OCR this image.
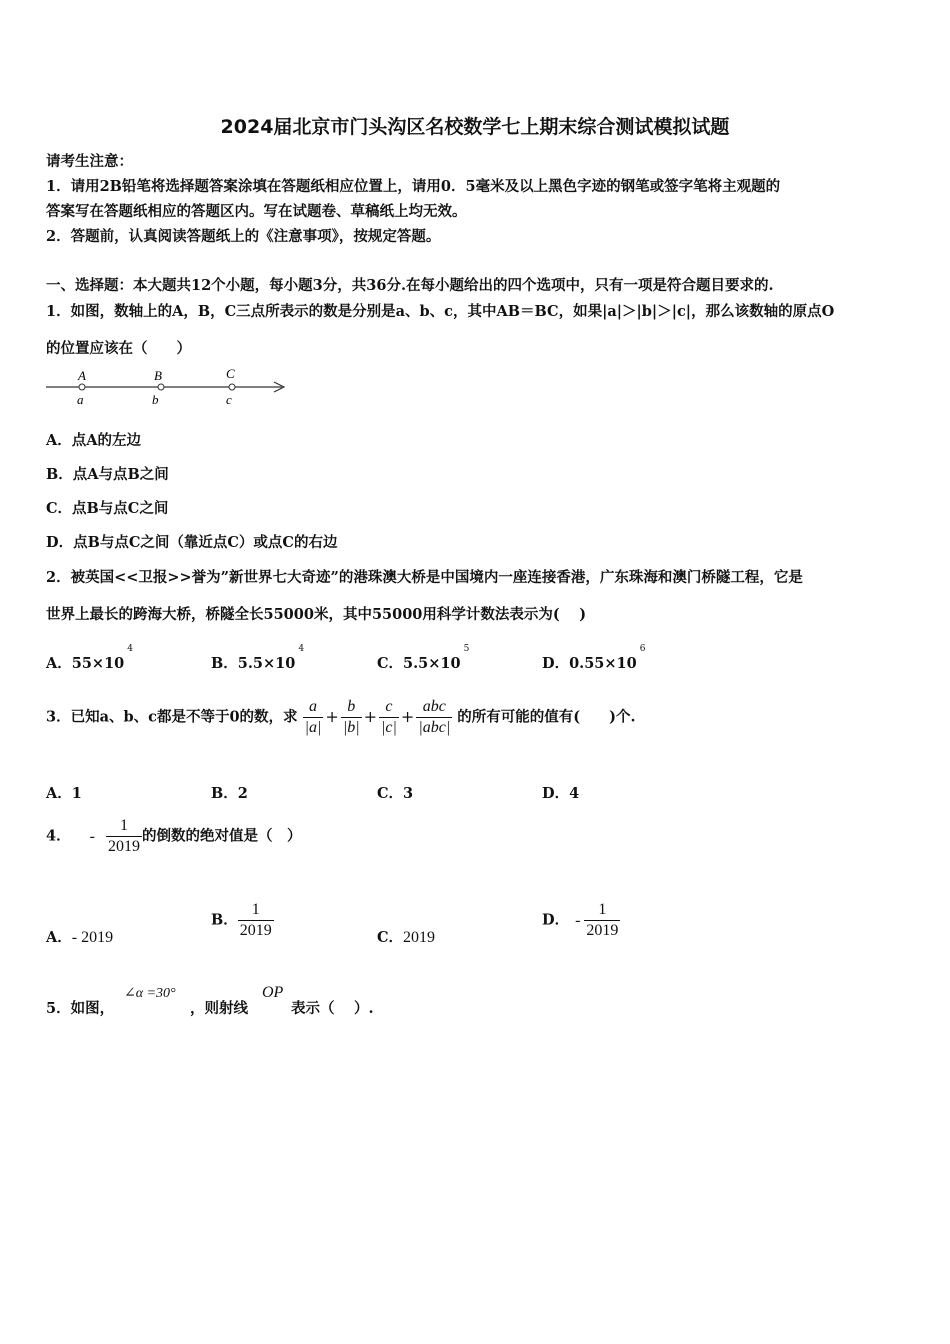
2024届北京市门头沟区名校数学七上期末综合测试模拟试题
请考生注意：
1．请用2B铅笔将选择题答案涂填在答题纸相应位置上，请用0．5毫米及以上黑色字迹的钢笔或签字笔将主观题的
答案写在答题纸相应的答题区内。写在试题卷、草稿纸上均无效。
2．答题前，认真阅读答题纸上的《注意事项》，按规定答题。
一、选择题：本大题共12个小题，每小题3分，共36分.在每小题给出的四个选项中，只有一项是符合题目要求的.
1．如图，数轴上的A，B，C三点所表示的数是分别是a、b、c，其中AB＝BC，如果|a|＞|b|＞|c|，那么该数轴的原点O
的位置应该在（　　）
A	B	C
a	b	c
A．点A的左边
B．点A与点B之间
C．点B与点C之间
D．点B与点C之间（靠近点C）或点C的右边
2．被英国<<卫报>>誉为”新世界七大奇迹”的港珠澳大桥是中国境内一座连接香港，广东珠海和澳门桥隧工程，它是
世界上最长的跨海大桥，桥隧全长55000米，其中55000用科学计数法表示为(　 )
A．$55\times 10^4$
B．$5.5\times 10^4$
C．$5.5\times 10^5$
D．$0.55\times 10^6$
3．已知a、b、c都是不等于0的数，求 $\frac{a}{|a|} + \frac{b}{|b|} + \frac{c}{|c|} + \frac{\text{abc}}{\text{|abc|}}$ 的所有可能的值有(　　)个.
A．1	B．2	C．3	D．4
4． - $\frac{1}{2019}$ 的倒数的绝对值是（　）
A．- 2019
B． $\frac{1}{2019}$	C．2019
D． - $\frac{1}{2019}$
5．如图，
∠α =30°
，则射线
OP
表示（　 ）.
